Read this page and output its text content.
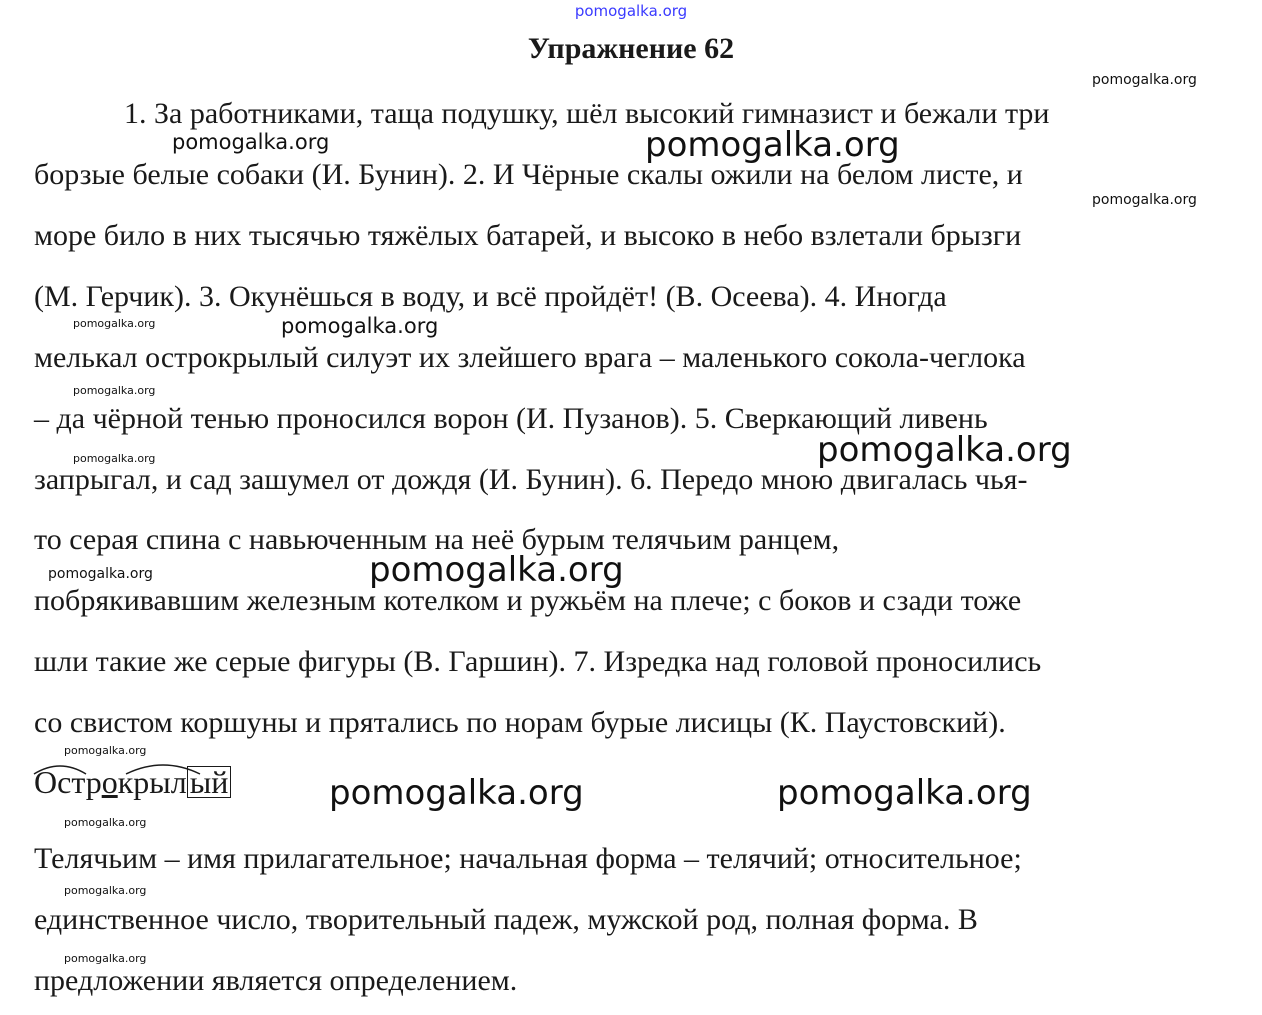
pomogalka.org
Упражнение 62
1. За работниками, таща подушку, шёл высокий гимназист и бежали три
борзые белые собаки (И. Бунин). 2. И Чёрные скалы ожили на белом листе, и
море било в них тысячью тяжёлых батарей, и высоко в небо взлетали брызги
(М. Герчик). 3. Окунёшься в воду, и всё пройдёт! (В. Осеева). 4. Иногда
мелькал острокрылый силуэт их злейшего врага – маленького сокола-чеглока
– да чёрной тенью проносился ворон (И. Пузанов). 5. Сверкающий ливень
запрыгал, и сад зашумел от дождя (И. Бунин). 6. Передо мною двигалась чья-
то серая спина с навьюченным на неё бурым телячьим ранцем,
побрякивавшим железным котелком и ружьём на плече; с боков и сзади тоже
шли такие же серые фигуры (В. Гаршин). 7. Изредка над головой проносились
со свистом коршуны и прятались по норам бурые лисицы (К. Паустовский).
Острокрылый
Телячьим – имя прилагательное; начальная форма – телячий; относительное;
единственное число, творительный падеж, мужской род, полная форма. В
предложении является определением.
pomogalka.org
pomogalka.org	pomogalka.org
pomogalka.org
pomogalka.org	pomogalka.org
pomogalka.org
pomogalka.org	pomogalka.org
pomogalka.org	pomogalka.org
pomogalka.org
pomogalka.org	pomogalka.org
pomogalka.org
pomogalka.org
pomogalka.org
